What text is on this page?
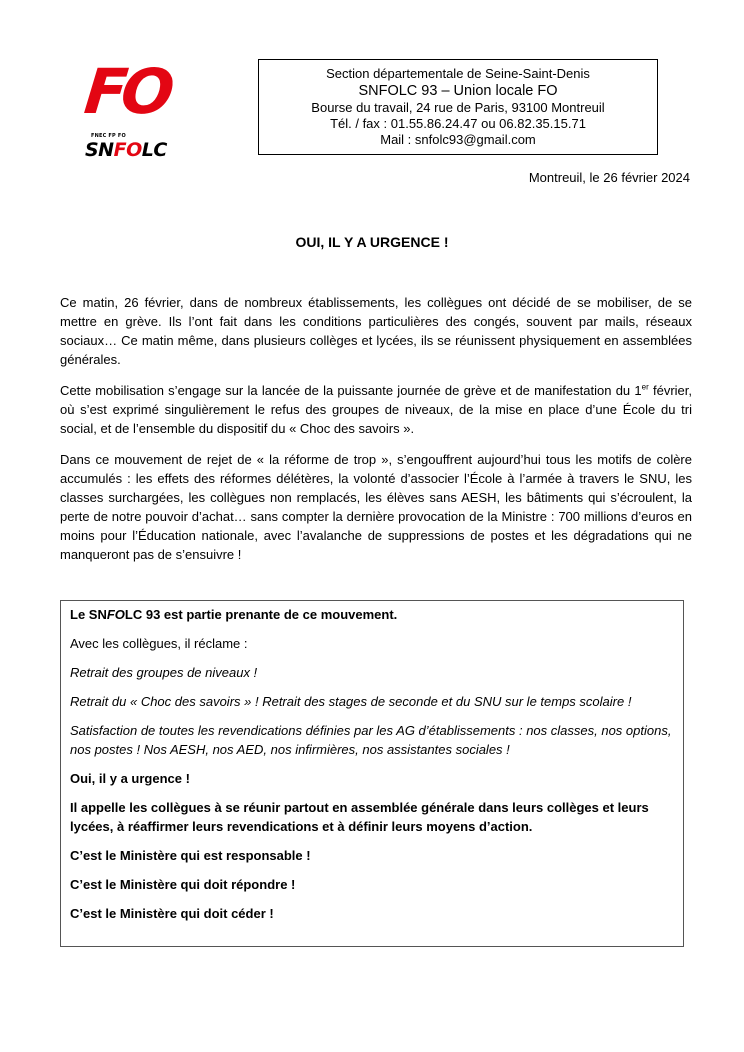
FO
FNEC FP FO
SNFOLC
Section départementale de Seine-Saint-Denis
SNFOLC 93 – Union locale FO
Bourse du travail, 24 rue de Paris, 93100 Montreuil
Tél. / fax : 01.55.86.24.47 ou 06.82.35.15.71
Mail : snfolc93@gmail.com
Montreuil, le 26 février 2024
OUI, IL Y A URGENCE !

Ce matin, 26 février, dans de nombreux établissements, les collègues ont décidé de se mobiliser, de se mettre en grève. Ils l’ont fait dans les conditions particulières des congés, souvent par mails, réseaux sociaux… Ce matin même, dans plusieurs collèges et lycées, ils se réunissent physiquement en assemblées générales.

Cette mobilisation s’engage sur la lancée de la puissante journée de grève et de manifestation du 1er février, où s’est exprimé singulièrement le refus des groupes de niveaux, de la mise en place d’une École du tri social, et de l’ensemble du dispositif du « Choc des savoirs ».

Dans ce mouvement de rejet de « la réforme de trop », s’engouffrent aujourd’hui tous les motifs de colère accumulés : les effets des réformes délétères, la volonté d’associer l’École à l’armée à travers le SNU, les classes surchargées, les collègues non remplacés, les élèves sans AESH, les bâtiments qui s’écroulent, la perte de notre pouvoir d’achat… sans compter la dernière provocation de la Ministre : 700 millions d’euros en moins pour l’Éducation nationale, avec l’avalanche de suppressions de postes et les dégradations qui ne manqueront pas de s’ensuivre !

Le SNFOLC 93 est partie prenante de ce mouvement.

Avec les collègues, il réclame :

Retrait des groupes de niveaux !

Retrait du « Choc des savoirs » ! Retrait des stages de seconde et du SNU sur le temps scolaire !

Satisfaction de toutes les revendications définies par les AG d’établissements : nos classes, nos options, nos postes ! Nos AESH, nos AED, nos infirmières, nos assistantes sociales !

Oui, il y a urgence !

Il appelle les collègues à se réunir partout en assemblée générale dans leurs collèges et leurs lycées, à réaffirmer leurs revendications et à définir leurs moyens d’action.

C’est le Ministère qui est responsable !

C’est le Ministère qui doit répondre !

C’est le Ministère qui doit céder !
